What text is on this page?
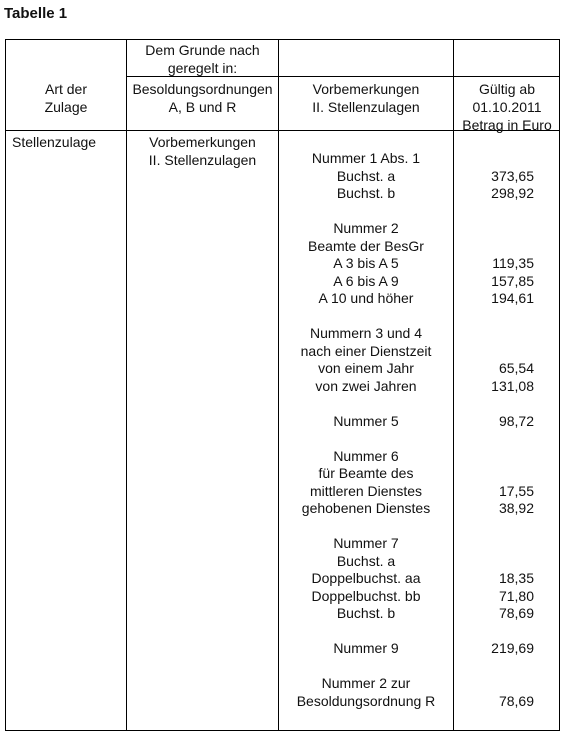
Tabelle 1
Dem Grunde nach
geregelt in:
Art der
Zulage
Besoldungsordnungen
A, B und R
Vorbemerkungen
II. Stellenzulagen
Gültig ab
01.10.2011
Betrag in Euro
Stellenzulage	Vorbemerkungen
II. Stellenzulagen	Nummer 1 Abs. 1
Buchst. a
Buchst. b
Nummer 2
Beamte der BesGr
A 3 bis A 5
A 6 bis A 9
A 10 und höher
Nummern 3 und 4
nach einer Dienstzeit
von einem Jahr
von zwei Jahren
Nummer 5
Nummer 6
für Beamte des
mittleren Dienstes
gehobenen Dienstes
Nummer 7
Buchst. a
Doppelbuchst. aa
Doppelbuchst. bb
Buchst. b
Nummer 9
Nummer 2 zur
Besoldungsordnung R
373,65
298,92
119,35
157,85
194,61
65,54
131,08
98,72
17,55
38,92
18,35
71,80
78,69
219,69
78,69
